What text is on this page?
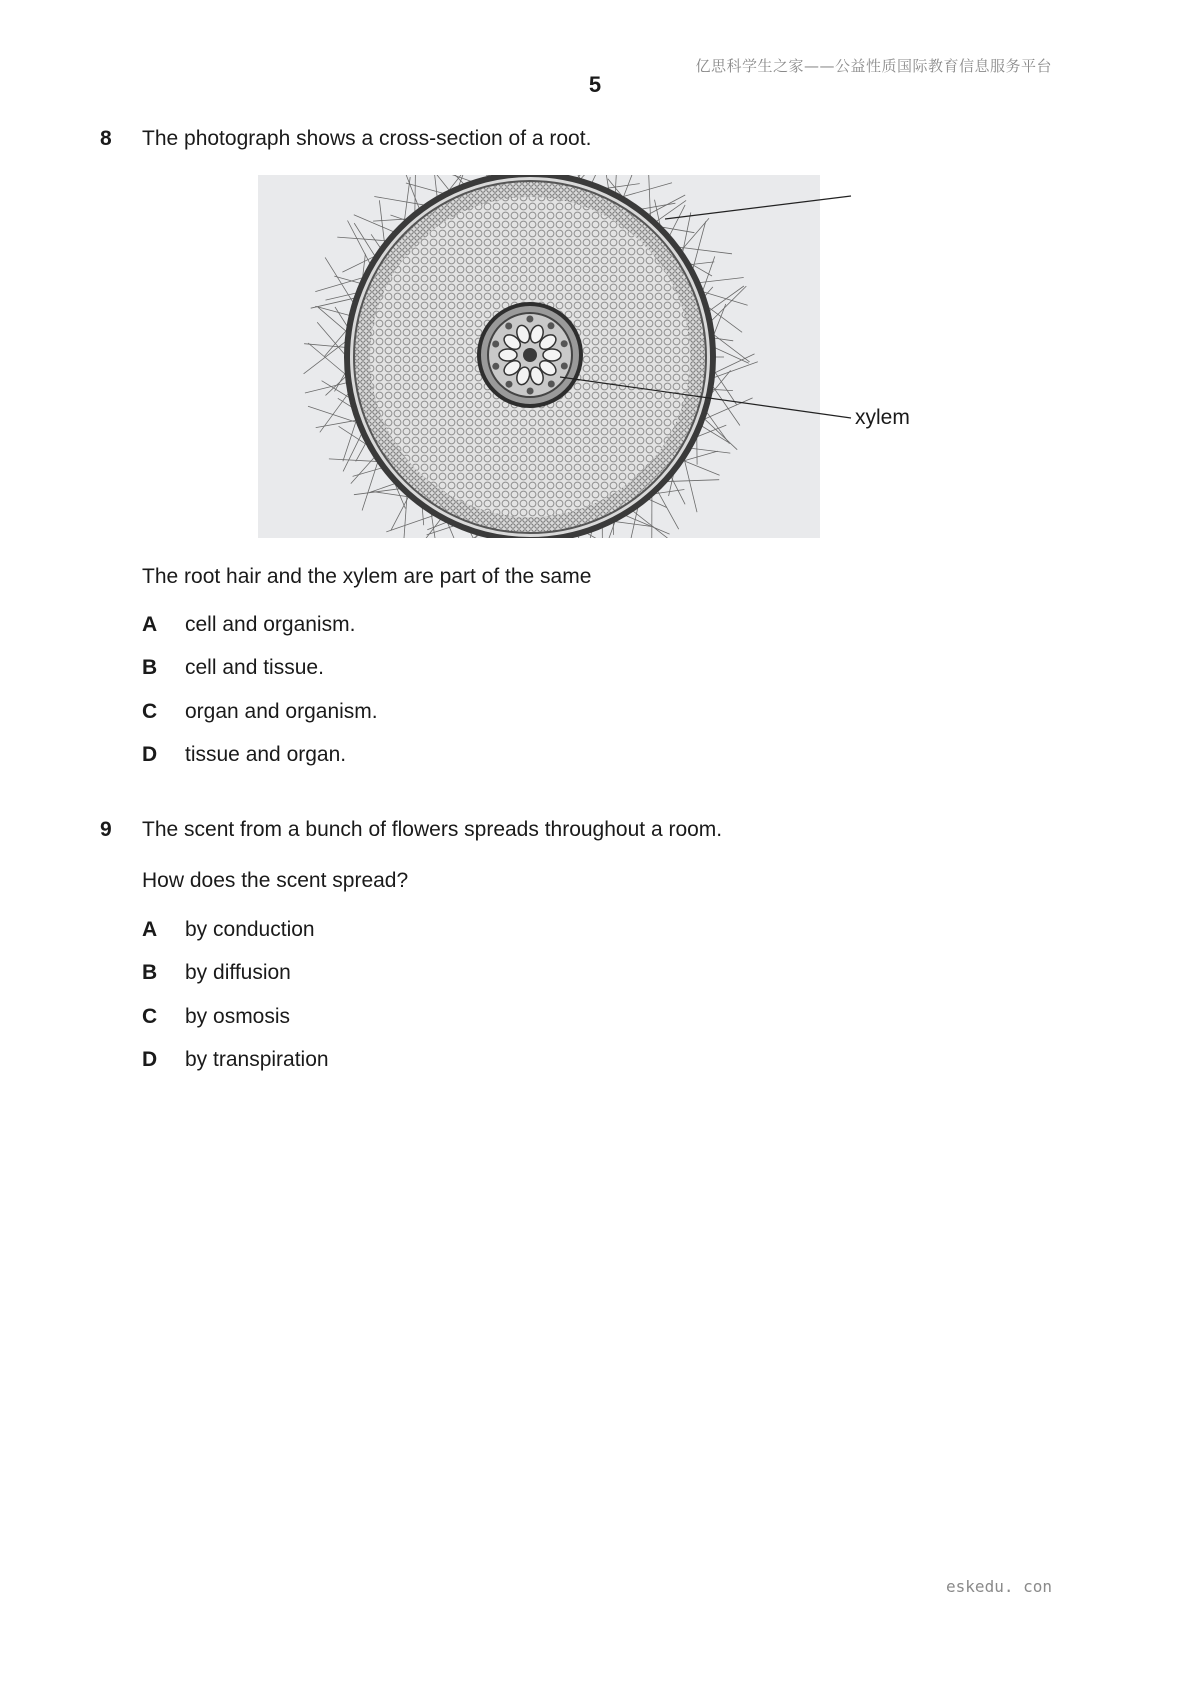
亿思科学生之家——公益性质国际教育信息服务平台
5
8 The photograph shows a cross-section of a root.
xylem
The root hair and the xylem are part of the same
A cell and organism.
B cell and tissue.
C organ and organism.
D tissue and organ.
9 The scent from a bunch of flowers spreads throughout a room.
How does the scent spread?
A by conduction
B by diffusion
C by osmosis
D by transpiration
eskedu. con
